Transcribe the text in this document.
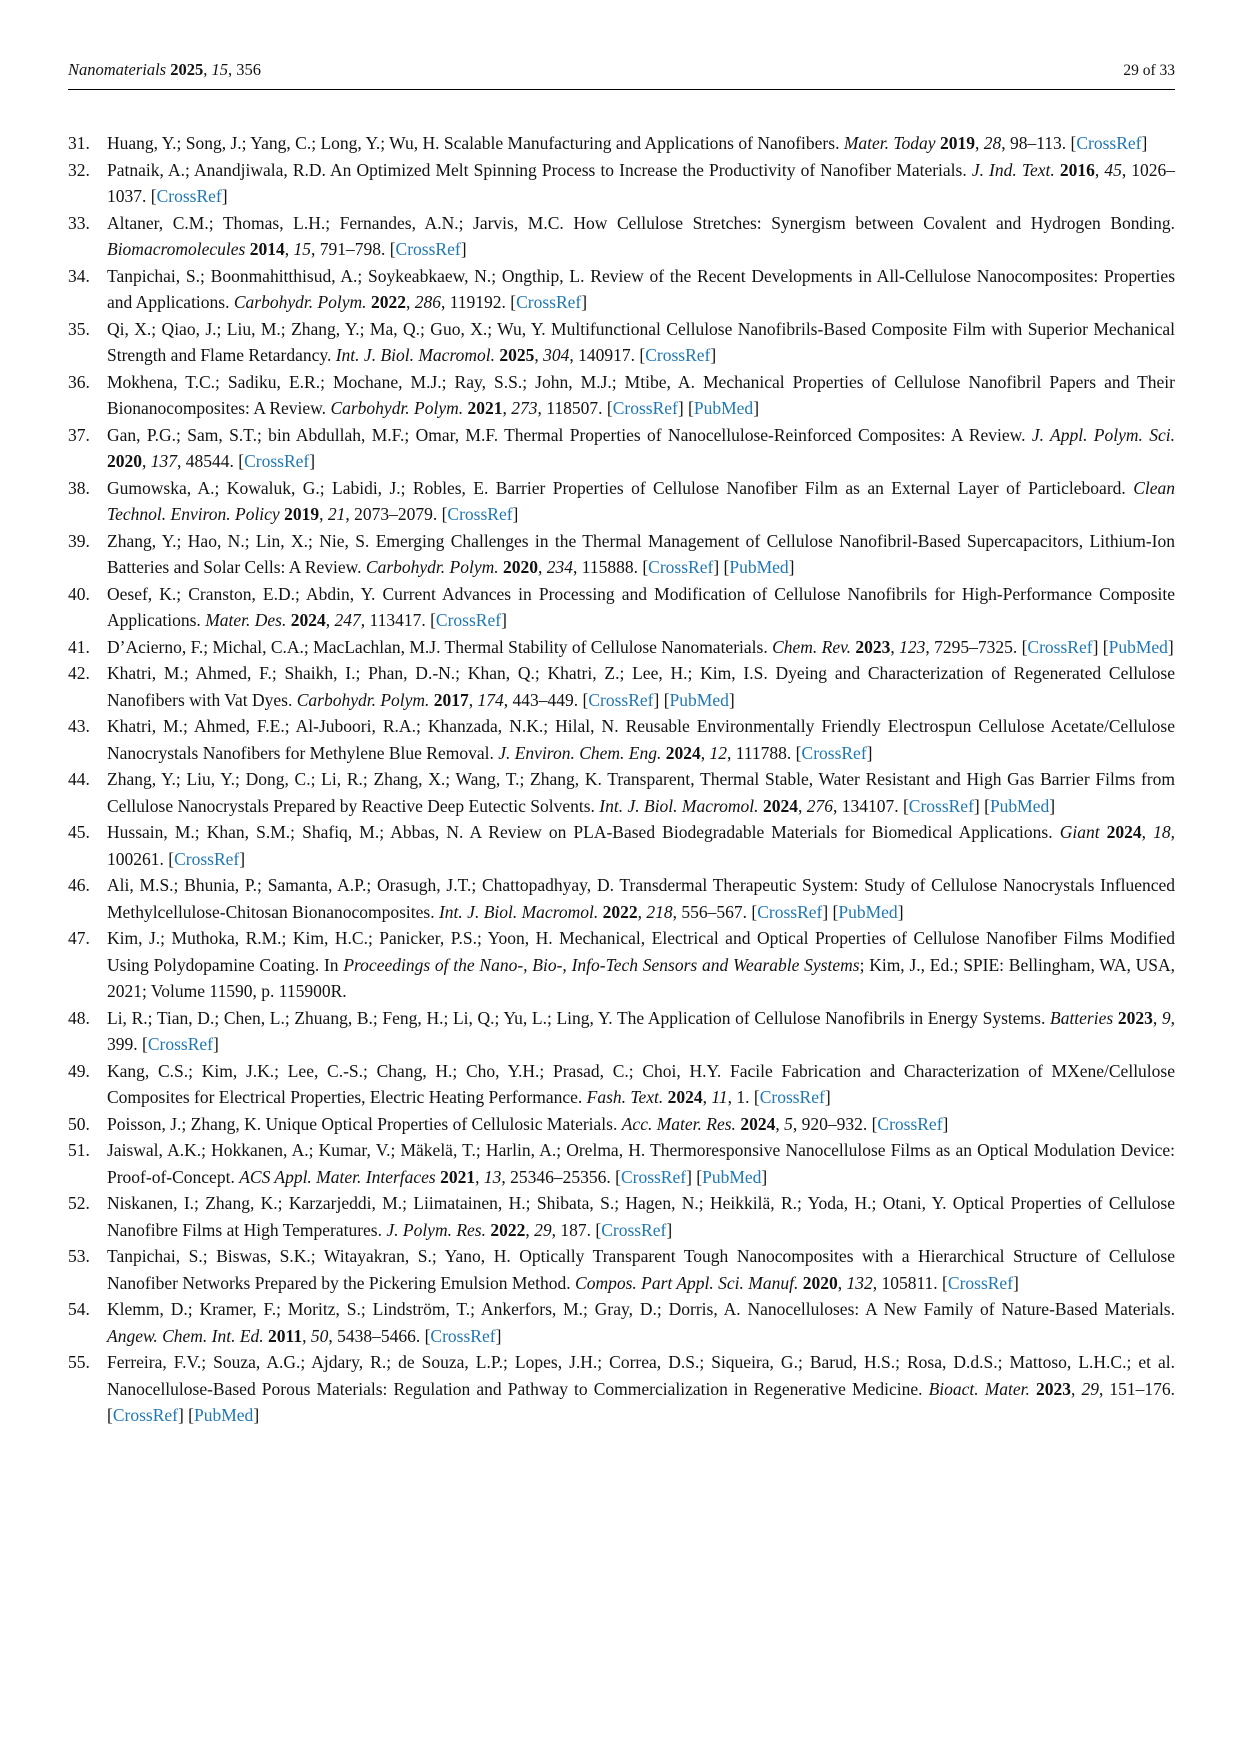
Nanomaterials 2025, 15, 356	29 of 33
31. Huang, Y.; Song, J.; Yang, C.; Long, Y.; Wu, H. Scalable Manufacturing and Applications of Nanofibers. Mater. Today 2019, 28, 98–113. [CrossRef]
32. Patnaik, A.; Anandjiwala, R.D. An Optimized Melt Spinning Process to Increase the Productivity of Nanofiber Materials. J. Ind. Text. 2016, 45, 1026–1037. [CrossRef]
33. Altaner, C.M.; Thomas, L.H.; Fernandes, A.N.; Jarvis, M.C. How Cellulose Stretches: Synergism between Covalent and Hydrogen Bonding. Biomacromolecules 2014, 15, 791–798. [CrossRef]
34. Tanpichai, S.; Boonmahitthisud, A.; Soykeabkaew, N.; Ongthip, L. Review of the Recent Developments in All-Cellulose Nanocomposites: Properties and Applications. Carbohydr. Polym. 2022, 286, 119192. [CrossRef]
35. Qi, X.; Qiao, J.; Liu, M.; Zhang, Y.; Ma, Q.; Guo, X.; Wu, Y. Multifunctional Cellulose Nanofibrils-Based Composite Film with Superior Mechanical Strength and Flame Retardancy. Int. J. Biol. Macromol. 2025, 304, 140917. [CrossRef]
36. Mokhena, T.C.; Sadiku, E.R.; Mochane, M.J.; Ray, S.S.; John, M.J.; Mtibe, A. Mechanical Properties of Cellulose Nanofibril Papers and Their Bionanocomposites: A Review. Carbohydr. Polym. 2021, 273, 118507. [CrossRef] [PubMed]
37. Gan, P.G.; Sam, S.T.; bin Abdullah, M.F.; Omar, M.F. Thermal Properties of Nanocellulose-Reinforced Composites: A Review. J. Appl. Polym. Sci. 2020, 137, 48544. [CrossRef]
38. Gumowska, A.; Kowaluk, G.; Labidi, J.; Robles, E. Barrier Properties of Cellulose Nanofiber Film as an External Layer of Particleboard. Clean Technol. Environ. Policy 2019, 21, 2073–2079. [CrossRef]
39. Zhang, Y.; Hao, N.; Lin, X.; Nie, S. Emerging Challenges in the Thermal Management of Cellulose Nanofibril-Based Supercapacitors, Lithium-Ion Batteries and Solar Cells: A Review. Carbohydr. Polym. 2020, 234, 115888. [CrossRef] [PubMed]
40. Oesef, K.; Cranston, E.D.; Abdin, Y. Current Advances in Processing and Modification of Cellulose Nanofibrils for High-Performance Composite Applications. Mater. Des. 2024, 247, 113417. [CrossRef]
41. D’Acierno, F.; Michal, C.A.; MacLachlan, M.J. Thermal Stability of Cellulose Nanomaterials. Chem. Rev. 2023, 123, 7295–7325. [CrossRef] [PubMed]
42. Khatri, M.; Ahmed, F.; Shaikh, I.; Phan, D.-N.; Khan, Q.; Khatri, Z.; Lee, H.; Kim, I.S. Dyeing and Characterization of Regenerated Cellulose Nanofibers with Vat Dyes. Carbohydr. Polym. 2017, 174, 443–449. [CrossRef] [PubMed]
43. Khatri, M.; Ahmed, F.E.; Al-Juboori, R.A.; Khanzada, N.K.; Hilal, N. Reusable Environmentally Friendly Electrospun Cellulose Acetate/Cellulose Nanocrystals Nanofibers for Methylene Blue Removal. J. Environ. Chem. Eng. 2024, 12, 111788. [CrossRef]
44. Zhang, Y.; Liu, Y.; Dong, C.; Li, R.; Zhang, X.; Wang, T.; Zhang, K. Transparent, Thermal Stable, Water Resistant and High Gas Barrier Films from Cellulose Nanocrystals Prepared by Reactive Deep Eutectic Solvents. Int. J. Biol. Macromol. 2024, 276, 134107. [CrossRef] [PubMed]
45. Hussain, M.; Khan, S.M.; Shafiq, M.; Abbas, N. A Review on PLA-Based Biodegradable Materials for Biomedical Applications. Giant 2024, 18, 100261. [CrossRef]
46. Ali, M.S.; Bhunia, P.; Samanta, A.P.; Orasugh, J.T.; Chattopadhyay, D. Transdermal Therapeutic System: Study of Cellulose Nanocrystals Influenced Methylcellulose-Chitosan Bionanocomposites. Int. J. Biol. Macromol. 2022, 218, 556–567. [CrossRef] [PubMed]
47. Kim, J.; Muthoka, R.M.; Kim, H.C.; Panicker, P.S.; Yoon, H. Mechanical, Electrical and Optical Properties of Cellulose Nanofiber Films Modified Using Polydopamine Coating. In Proceedings of the Nano-, Bio-, Info-Tech Sensors and Wearable Systems; Kim, J., Ed.; SPIE: Bellingham, WA, USA, 2021; Volume 11590, p. 115900R.
48. Li, R.; Tian, D.; Chen, L.; Zhuang, B.; Feng, H.; Li, Q.; Yu, L.; Ling, Y. The Application of Cellulose Nanofibrils in Energy Systems. Batteries 2023, 9, 399. [CrossRef]
49. Kang, C.S.; Kim, J.K.; Lee, C.-S.; Chang, H.; Cho, Y.H.; Prasad, C.; Choi, H.Y. Facile Fabrication and Characterization of MXene/Cellulose Composites for Electrical Properties, Electric Heating Performance. Fash. Text. 2024, 11, 1. [CrossRef]
50. Poisson, J.; Zhang, K. Unique Optical Properties of Cellulosic Materials. Acc. Mater. Res. 2024, 5, 920–932. [CrossRef]
51. Jaiswal, A.K.; Hokkanen, A.; Kumar, V.; Mäkelä, T.; Harlin, A.; Orelma, H. Thermoresponsive Nanocellulose Films as an Optical Modulation Device: Proof-of-Concept. ACS Appl. Mater. Interfaces 2021, 13, 25346–25356. [CrossRef] [PubMed]
52. Niskanen, I.; Zhang, K.; Karzarjeddi, M.; Liimatainen, H.; Shibata, S.; Hagen, N.; Heikkilä, R.; Yoda, H.; Otani, Y. Optical Properties of Cellulose Nanofibre Films at High Temperatures. J. Polym. Res. 2022, 29, 187. [CrossRef]
53. Tanpichai, S.; Biswas, S.K.; Witayakran, S.; Yano, H. Optically Transparent Tough Nanocomposites with a Hierarchical Structure of Cellulose Nanofiber Networks Prepared by the Pickering Emulsion Method. Compos. Part Appl. Sci. Manuf. 2020, 132, 105811. [CrossRef]
54. Klemm, D.; Kramer, F.; Moritz, S.; Lindström, T.; Ankerfors, M.; Gray, D.; Dorris, A. Nanocelluloses: A New Family of Nature-Based Materials. Angew. Chem. Int. Ed. 2011, 50, 5438–5466. [CrossRef]
55. Ferreira, F.V.; Souza, A.G.; Ajdary, R.; de Souza, L.P.; Lopes, J.H.; Correa, D.S.; Siqueira, G.; Barud, H.S.; Rosa, D.d.S.; Mattoso, L.H.C.; et al. Nanocellulose-Based Porous Materials: Regulation and Pathway to Commercialization in Regenerative Medicine. Bioact. Mater. 2023, 29, 151–176. [CrossRef] [PubMed]
